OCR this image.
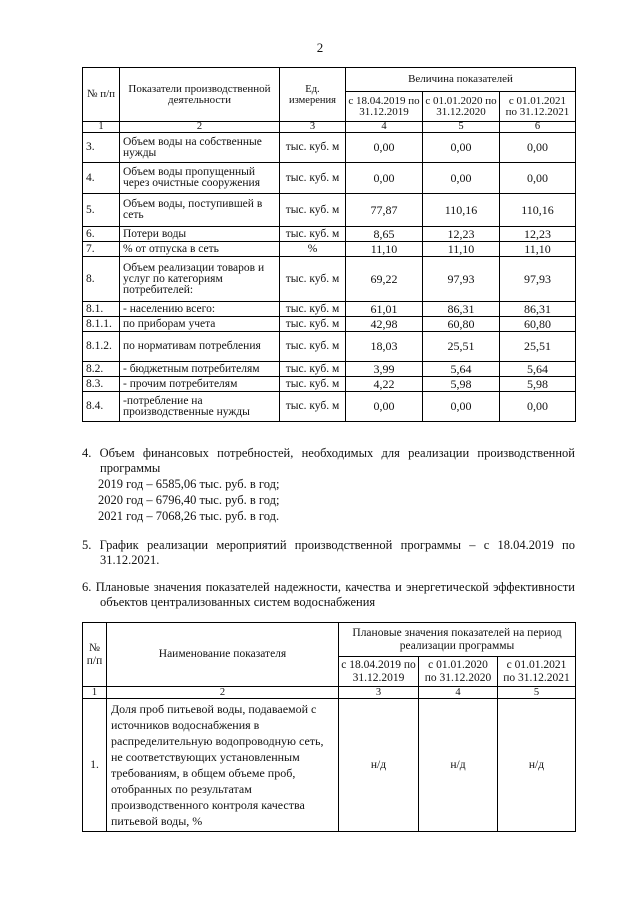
2
№ п/п	Показатели производственной деятельности	Ед. измерения	Величина показателей		
			с 18.04.2019 по 31.12.2019	с 01.01.2020 по 31.12.2020	с 01.01.2021 по 31.12.2021
1	2	3	4	5	6
3.	Объем воды на собственные нужды	тыс. куб. м	0,00	0,00	0,00
4.	Объем воды пропущенный через очистные сооружения	тыс. куб. м	0,00	0,00	0,00
5.	Объем воды, поступившей в сеть	тыс. куб. м	77,87	110,16	110,16
6.	Потери воды	тыс. куб. м	8,65	12,23	12,23
7.	% от отпуска в сеть	%	11,10	11,10	11,10
8.	Объем реализации товаров и услуг по категориям потребителей:	тыс. куб. м	69,22	97,93	97,93
8.1.	- населению всего:	тыс. куб. м	61,01	86,31	86,31
8.1.1.	по приборам учета	тыс. куб. м	42,98	60,80	60,80
8.1.2.	по нормативам потребления	тыс. куб. м	18,03	25,51	25,51
8.2.	- бюджетным потребителям	тыс. куб. м	3,99	5,64	5,64
8.3.	- прочим потребителям	тыс. куб. м	4,22	5,98	5,98
8.4.	-потребление на производственные нужды	тыс. куб. м	0,00	0,00	0,00
4. Объем финансовых потребностей, необходимых для реализации производственной программы
2019 год – 6585,06 тыс. руб. в год;
2020 год – 6796,40 тыс. руб. в год;
2021 год – 7068,26 тыс. руб. в год.
5. График реализации мероприятий производственной программы – с 18.04.2019 по 31.12.2021.
6. Плановые значения показателей надежности, качества и энергетической эффективности объектов централизованных систем водоснабжения
№ п/п	Наименование показателя	Плановые значения показателей на период реализации программы		
		с 18.04.2019 по 31.12.2019	с 01.01.2020 по 31.12.2020	с 01.01.2021 по 31.12.2021
1	2	3	4	5
1.	Доля проб питьевой воды, подаваемой с источников водоснабжения в распределительную водопроводную сеть, не соответствующих установленным требованиям, в общем объеме проб, отобранных по результатам производственного контроля качества питьевой воды, %	н/д	н/д	н/д
